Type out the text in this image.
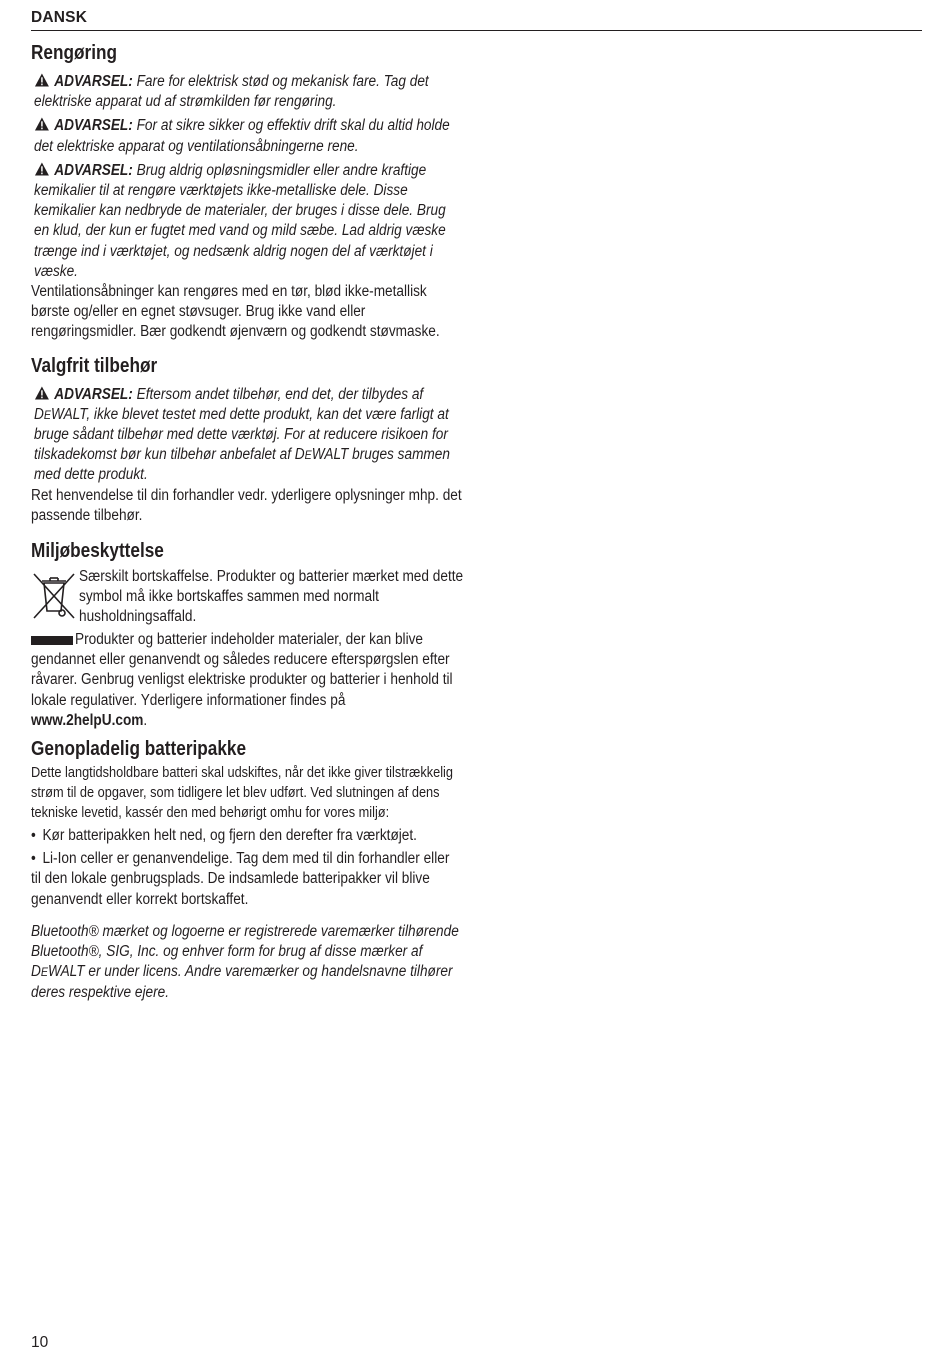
DANSK
Rengøring

ADVARSEL: Fare for elektrisk stød og mekanisk fare. Tag det elektriske apparat ud af strømkilden før rengøring.

ADVARSEL: For at sikre sikker og effektiv drift skal du altid holde det elektriske apparat og ventilationsåbningerne rene.

ADVARSEL: Brug aldrig opløsningsmidler eller andre kraftige kemikalier til at rengøre værktøjets ikke-metalliske dele. Disse kemikalier kan nedbryde de materialer, der bruges i disse dele. Brug en klud, der kun er fugtet med vand og mild sæbe. Lad aldrig væske trænge ind i værktøjet, og nedsænk aldrig nogen del af værktøjet i væske.

Ventilationsåbninger kan rengøres med en tør, blød ikke-metallisk børste og/eller en egnet støvsuger. Brug ikke vand eller rengøringsmidler. Bær godkendt øjenværn og godkendt støvmaske.

Valgfrit tilbehør

ADVARSEL: Eftersom andet tilbehør, end det, der tilbydes af DEWALT, ikke blevet testet med dette produkt, kan det være farligt at bruge sådant tilbehør med dette værktøj. For at reducere risikoen for tilskadekomst bør kun tilbehør anbefalet af DEWALT bruges sammen med dette produkt.

Ret henvendelse til din forhandler vedr. yderligere oplysninger mhp. det passende tilbehør.

Miljøbeskyttelse

Særskilt bortskaffelse. Produkter og batterier mærket med dette symbol må ikke bortskaffes sammen med normalt husholdningsaffald.

Produkter og batterier indeholder materialer, der kan blive gendannet eller genanvendt og således reducere efterspørgslen efter råvarer. Genbrug venligst elektriske produkter og batterier i henhold til lokale regulativer. Yderligere informationer findes på www.2helpU.com.

Genopladelig batteripakke

Dette langtidsholdbare batteri skal udskiftes, når det ikke giver tilstrækkelig strøm til de opgaver, som tidligere let blev udført. Ved slutningen af dens tekniske levetid, kassér den med behørigt omhu for vores miljø:

• Kør batteripakken helt ned, og fjern den derefter fra værktøjet.

• Li-Ion celler er genanvendelige. Tag dem med til din forhandler eller til den lokale genbrugsplads. De indsamlede batteripakker vil blive genanvendt eller korrekt bortskaffet.

Bluetooth® mærket og logoerne er registrerede varemærker tilhørende Bluetooth®, SIG, Inc. og enhver form for brug af disse mærker af DEWALT er under licens. Andre varemærker og handelsnavne tilhører deres respektive ejere.

10
